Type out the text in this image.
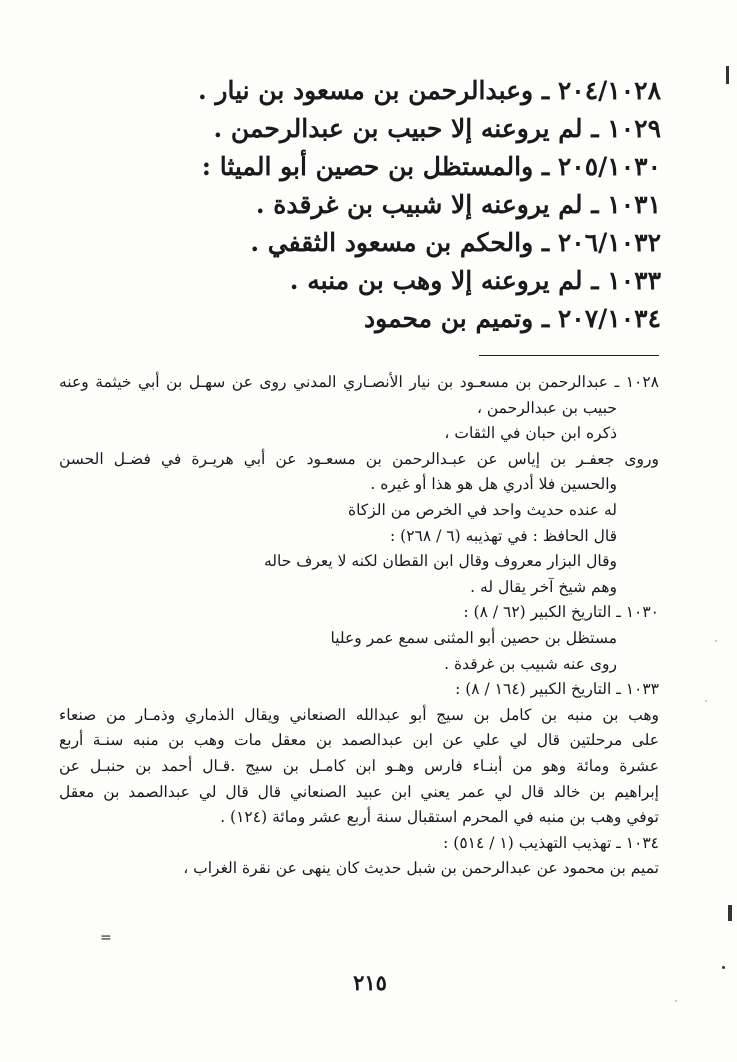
٢٠٤/١٠٢٨ ـ وعبدالرحمن بن مسعود بن نيار .
١٠٢٩ ـ لم يروعنه إلا حبيب بن عبدالرحمن .
٢٠٥/١٠٣٠ ـ والمستظل بن حصين أبو الميثا :
١٠٣١ ـ لم يروعنه إلا شبيب بن غرقدة .
٢٠٦/١٠٣٢ ـ والحكم بن مسعود الثقفي .
١٠٣٣ ـ لم يروعنه إلا وهب بن منبه .
٢٠٧/١٠٣٤ ـ وتميم بن محمود
١٠٢٨ ـ عبدالرحمن بن مسعـود بن نيار الأنصـاري المدني روى عن سهـل بن أبي خيثمة وعنه
حبيب بن عبدالرحمن ،
ذكره ابن حبان في الثقات ،
وروى جعفـر بن إياس عن عبـدالرحمن بن مسعـود عن أبي هريـرة في فضـل الحسن
والحسين فلا أدري هل هو هذا أو غيره .
له عنده حديث واحد في الخرص من الزكاة
قال الحافظ : في تهذيبه (٦ / ٢٦٨) :
وقال البزار معروف وقال ابن القطان لكنه لا يعرف حاله
وهم شيخ آخر يقال له .
١٠٣٠ ـ التاريخ الكبير (٦٢ / ٨) :
مستظل بن حصين أبو المثنى سمع عمر وعليا
روى عنه شبيب بن غرقدة .
١٠٣٣ ـ التاريخ الكبير (١٦٤ / ٨) :
وهب بن منبه بن كامل بن سيج أبو عبدالله الصنعاني ويقال الذماري وذمـار من صنعاء
على مرحلتين قال لي علي عن ابن عبدالصمد بن معقل مات وهب بن منبه سنـة أربع
عشرة ومائة وهو من أبنـاء فارس وهـو ابن كامـل بن سيج .قـال أحمد بن حنبـل عن
إبراهيم بن خالد قال لي عمر يعني ابن عبيد الصنعاني قال قال لي عبدالصمد بن معقل
توفي وهب بن منبه في المحرم استقبال سنة أربع عشر ومائة (١٢٤) .
١٠٣٤ ـ تهذيب التهذيب (١ / ٥١٤) :
تميم بن محمود عن عبدالرحمن بن شبل حديث كان ينهى عن نقرة الغراب ،
=
٢١٥
